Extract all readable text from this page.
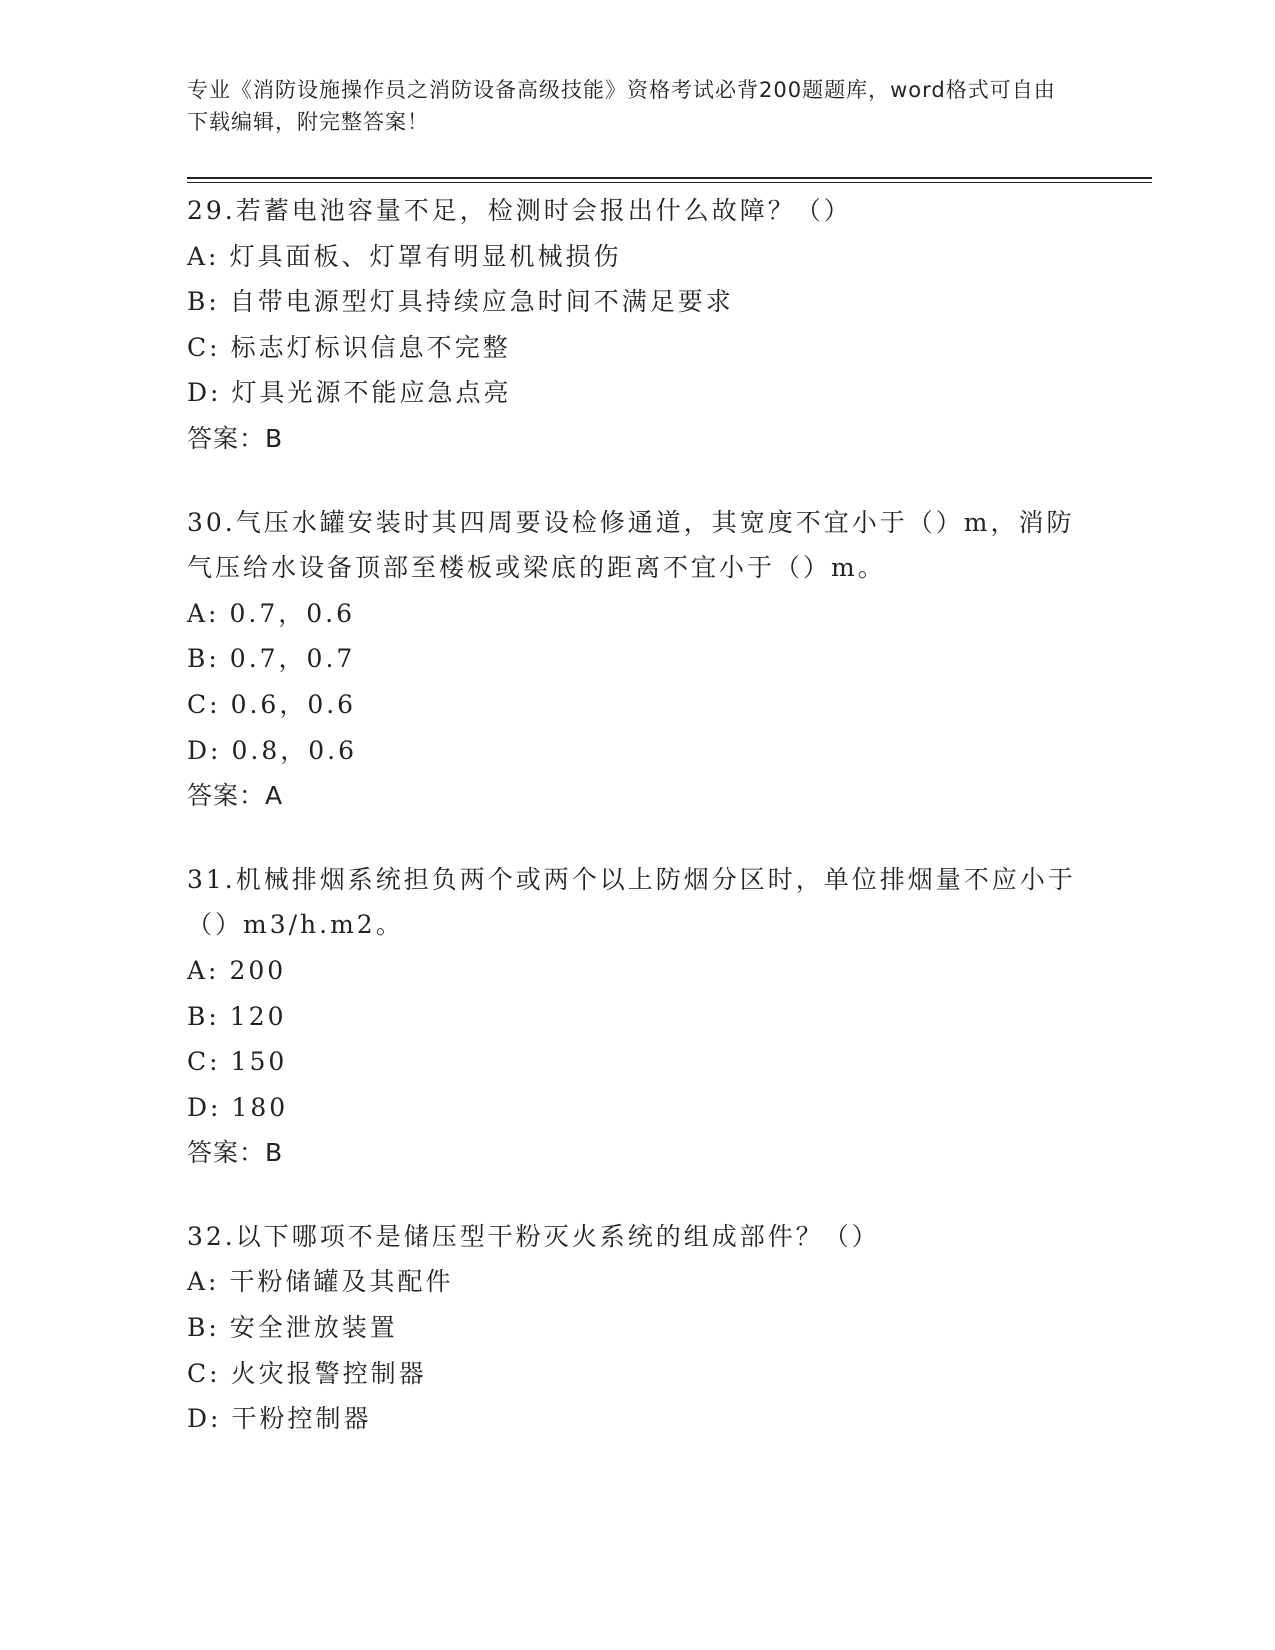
专业《消防设施操作员之消防设备高级技能》资格考试必背200题题库，word格式可自由下载编辑，附完整答案！
29.若蓄电池容量不足，检测时会报出什么故障？（）
A: 灯具面板、灯罩有明显机械损伤
B: 自带电源型灯具持续应急时间不满足要求
C: 标志灯标识信息不完整
D: 灯具光源不能应急点亮
答案：B
30.气压水罐安装时其四周要设检修通道，其宽度不宜小于（）m，消防气压给水设备顶部至楼板或梁底的距离不宜小于（）m。
A: 0.7，0.6
B: 0.7，0.7
C: 0.6，0.6
D: 0.8，0.6
答案：A
31.机械排烟系统担负两个或两个以上防烟分区时，单位排烟量不应小于（）m3/h.m2。
A: 200
B: 120
C: 150
D: 180
答案：B
32.以下哪项不是储压型干粉灭火系统的组成部件？（）
A: 干粉储罐及其配件
B: 安全泄放装置
C: 火灾报警控制器
D: 干粉控制器
